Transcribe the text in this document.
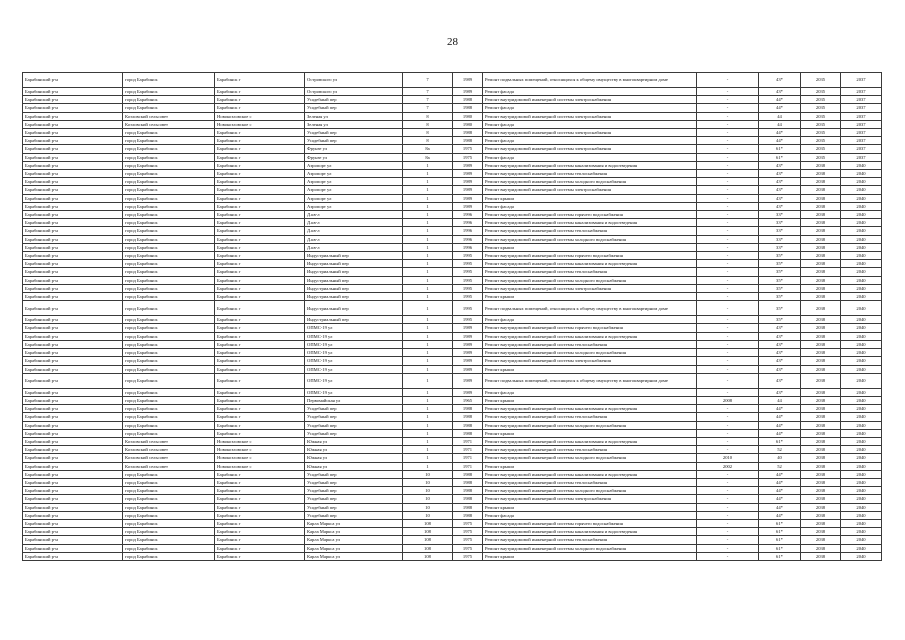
28
Барабинский р-н	город Барабинск	Барабинск г	Островского ул	7	1989	Ремонт подвальных помещений, относящихся к общему имуществу в многоквартирном доме	-	43*	2035	2037
Барабинский р-н	город Барабинск	Барабинск г	Островского ул	7	1989	Ремонт фасада	-	43*	2035	2037
Барабинский р-н	город Барабинск	Барабинск г	Усадебный пер	7	1988	Ремонт внутридомовой инженерной системы электроснабжения	-	44*	2035	2037
Барабинский р-н	город Барабинск	Барабинск г	Усадебный пер	7	1988	Ремонт фасада	-	44*	2035	2037
Барабинский р-н	Козловский сельсовет	Новокозловское с	Зеленая ул	8	1980	Ремонт внутридомовой инженерной системы электроснабжения	-	44	2035	2037
Барабинский р-н	Козловский сельсовет	Новокозловское с	Зеленая ул	8	1980	Ремонт фасада	-	44	2035	2037
Барабинский р-н	город Барабинск	Барабинск г	Усадебный пер	8	1988	Ремонт внутридомовой инженерной системы электроснабжения	-	44*	2035	2037
Барабинский р-н	город Барабинск	Барабинск г	Усадебный пер	8	1988	Ремонт фасада	-	44*	2035	2037
Барабинский р-н	город Барабинск	Барабинск г	Фрунзе ул	8а	1975	Ремонт внутридомовой инженерной системы электроснабжения	-	61*	2035	2037
Барабинский р-н	город Барабинск	Барабинск г	Фрунзе ул	8а	1975	Ремонт фасада	-	61*	2035	2037
Барабинский р-н	город Барабинск	Барабинск г	Аэропорт ул	1	1989	Ремонт внутридомовой инженерной системы канализования и водоотведения	-	43*	2038	2040
Барабинский р-н	город Барабинск	Барабинск г	Аэропорт ул	1	1989	Ремонт внутридомовой инженерной системы теплоснабжения	-	43*	2038	2040
Барабинский р-н	город Барабинск	Барабинск г	Аэропорт ул	1	1989	Ремонт внутридомовой инженерной системы холодного водоснабжения	-	43*	2038	2040
Барабинский р-н	город Барабинск	Барабинск г	Аэропорт ул	1	1989	Ремонт внутридомовой инженерной системы электроснабжения	-	43*	2038	2040
Барабинский р-н	город Барабинск	Барабинск г	Аэропорт ул	1	1989	Ремонт крыши	-	43*	2038	2040
Барабинский р-н	город Барабинск	Барабинск г	Аэропорт ул	1	1989	Ремонт фасада	-	43*	2038	2040
Барабинский р-н	город Барабинск	Барабинск г	Д.кв-л	1	1996	Ремонт внутридомовой инженерной системы горячего водоснабжения	-	33*	2038	2040
Барабинский р-н	город Барабинск	Барабинск г	Д.кв-л	1	1996	Ремонт внутридомовой инженерной системы канализования и водоотведения	-	33*	2038	2040
Барабинский р-н	город Барабинск	Барабинск г	Д.кв-л	1	1996	Ремонт внутридомовой инженерной системы теплоснабжения	-	33*	2038	2040
Барабинский р-н	город Барабинск	Барабинск г	Д.кв-л	1	1996	Ремонт внутридомовой инженерной системы холодного водоснабжения	-	33*	2038	2040
Барабинский р-н	город Барабинск	Барабинск г	Д.кв-л	1	1996	Ремонт крыши	-	33*	2038	2040
Барабинский р-н	город Барабинск	Барабинск г	Индустриальный пер	1	1995	Ремонт внутридомовой инженерной системы горячего водоснабжения	-	35*	2038	2040
Барабинский р-н	город Барабинск	Барабинск г	Индустриальный пер	1	1995	Ремонт внутридомовой инженерной системы канализования и водоотведения	-	35*	2038	2040
Барабинский р-н	город Барабинск	Барабинск г	Индустриальный пер	1	1995	Ремонт внутридомовой инженерной системы теплоснабжения	-	35*	2038	2040
Барабинский р-н	город Барабинск	Барабинск г	Индустриальный пер	1	1995	Ремонт внутридомовой инженерной системы холодного водоснабжения	-	35*	2038	2040
Барабинский р-н	город Барабинск	Барабинск г	Индустриальный пер	1	1995	Ремонт внутридомовой инженерной системы электроснабжения	-	35*	2038	2040
Барабинский р-н	город Барабинск	Барабинск г	Индустриальный пер	1	1995	Ремонт крыши	-	35*	2038	2040
Барабинский р-н	город Барабинск	Барабинск г	Индустриальный пер	1	1995	Ремонт подвальных помещений, относящихся к общему имуществу в многоквартирном доме	-	35*	2038	2040
Барабинский р-н	город Барабинск	Барабинск г	Индустриальный пер	1	1995	Ремонт фасада	-	35*	2038	2040
Барабинский р-н	город Барабинск	Барабинск г	ОПМС-19 ул	1	1989	Ремонт внутридомовой инженерной системы горячего водоснабжения	-	43*	2038	2040
Барабинский р-н	город Барабинск	Барабинск г	ОПМС-19 ул	1	1989	Ремонт внутридомовой инженерной системы канализования и водоотведения	-	43*	2038	2040
Барабинский р-н	город Барабинск	Барабинск г	ОПМС-19 ул	1	1989	Ремонт внутридомовой инженерной системы теплоснабжения	-	43*	2038	2040
Барабинский р-н	город Барабинск	Барабинск г	ОПМС-19 ул	1	1989	Ремонт внутридомовой инженерной системы холодного водоснабжения	-	43*	2038	2040
Барабинский р-н	город Барабинск	Барабинск г	ОПМС-19 ул	1	1989	Ремонт внутридомовой инженерной системы электроснабжения	-	43*	2038	2040
Барабинский р-н	город Барабинск	Барабинск г	ОПМС-19 ул	1	1989	Ремонт крыши	-	43*	2038	2040
Барабинский р-н	город Барабинск	Барабинск г	ОПМС-19 ул	1	1989	Ремонт подвальных помещений, относящихся к общему имуществу в многоквартирном доме	-	43*	2038	2040
Барабинский р-н	город Барабинск	Барабинск г	ОПМС-19 ул	1	1989	Ремонт фасада	-	43*	2038	2040
Барабинский р-н	город Барабинск	Барабинск г	Первомайская ул	1	1965	Ремонт крыши	2008	44	2038	2040
Барабинский р-н	город Барабинск	Барабинск г	Усадебный пер	1	1988	Ремонт внутридомовой инженерной системы канализования и водоотведения	-	44*	2038	2040
Барабинский р-н	город Барабинск	Барабинск г	Усадебный пер	1	1988	Ремонт внутридомовой инженерной системы теплоснабжения	-	44*	2038	2040
Барабинский р-н	город Барабинск	Барабинск г	Усадебный пер	1	1988	Ремонт внутридомовой инженерной системы холодного водоснабжения	-	44*	2038	2040
Барабинский р-н	город Барабинск	Барабинск г	Усадебный пер	1	1988	Ремонт крыши	-	44*	2038	2040
Барабинский р-н	Козловский сельсовет	Новокозловское с	Южная ул	1	1971	Ремонт внутридомовой инженерной системы канализования и водоотведения	-	61*	2038	2040
Барабинский р-н	Козловский сельсовет	Новокозловское с	Южная ул	1	1971	Ремонт внутридомовой инженерной системы теплоснабжения	-	52	2038	2040
Барабинский р-н	Козловский сельсовет	Новокозловское с	Южная ул	1	1971	Ремонт внутридомовой инженерной системы холодного водоснабжения	2010	40	2038	2040
Барабинский р-н	Козловский сельсовет	Новокозловское с	Южная ул	1	1971	Ремонт крыши	2002	52	2038	2040
Барабинский р-н	город Барабинск	Барабинск г	Усадебный пер	10	1988	Ремонт внутридомовой инженерной системы канализования и водоотведения	-	44*	2038	2040
Барабинский р-н	город Барабинск	Барабинск г	Усадебный пер	10	1988	Ремонт внутридомовой инженерной системы теплоснабжения	-	44*	2038	2040
Барабинский р-н	город Барабинск	Барабинск г	Усадебный пер	10	1988	Ремонт внутридомовой инженерной системы холодного водоснабжения	-	44*	2038	2040
Барабинский р-н	город Барабинск	Барабинск г	Усадебный пер	10	1988	Ремонт внутридомовой инженерной системы электроснабжения	-	44*	2038	2040
Барабинский р-н	город Барабинск	Барабинск г	Усадебный пер	10	1988	Ремонт крыши	-	44*	2038	2040
Барабинский р-н	город Барабинск	Барабинск г	Усадебный пер	10	1988	Ремонт фасада	-	44*	2038	2040
Барабинский р-н	город Барабинск	Барабинск г	Карла Маркса ул	108	1975	Ремонт внутридомовой инженерной системы горячего водоснабжения	-	61*	2038	2040
Барабинский р-н	город Барабинск	Барабинск г	Карла Маркса ул	108	1975	Ремонт внутридомовой инженерной системы канализования и водоотведения	-	61*	2038	2040
Барабинский р-н	город Барабинск	Барабинск г	Карла Маркса ул	108	1975	Ремонт внутридомовой инженерной системы теплоснабжения	-	61*	2038	2040
Барабинский р-н	город Барабинск	Барабинск г	Карла Маркса ул	108	1975	Ремонт внутридомовой инженерной системы холодного водоснабжения	-	61*	2038	2040
Барабинский р-н	город Барабинск	Барабинск г	Карла Маркса ул	108	1975	Ремонт крыши	-	61*	2038	2040
